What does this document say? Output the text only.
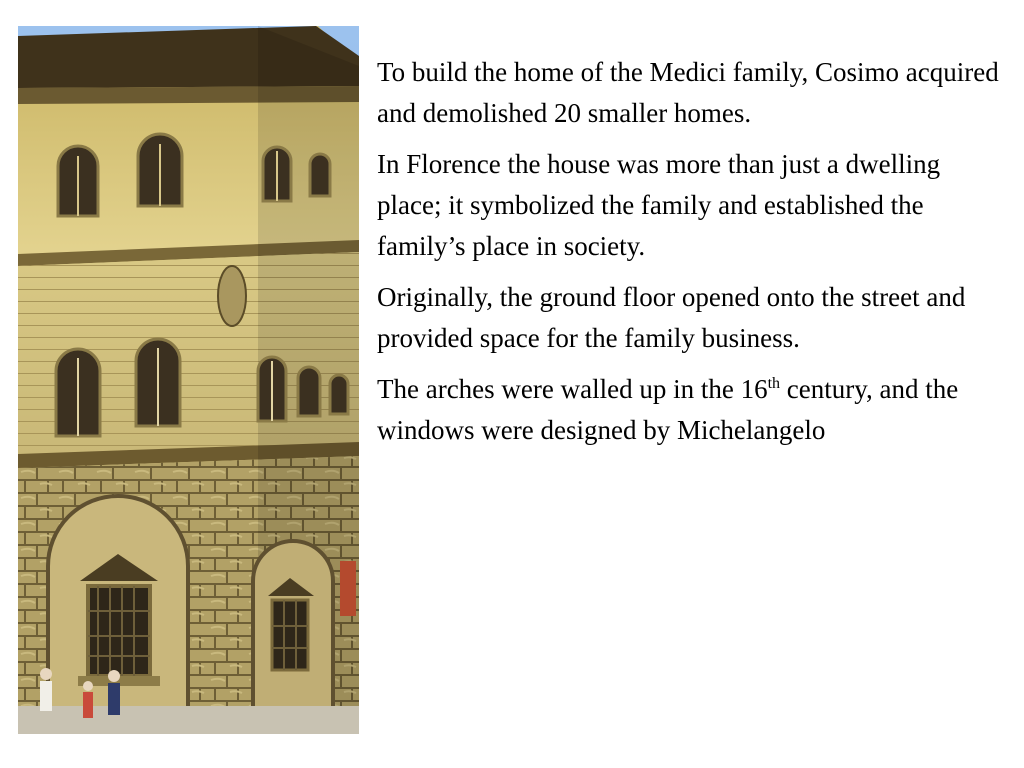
To build the home of the Medici family, Cosimo acquired and demolished 20 smaller homes.

In Florence the house was more than just a dwelling place; it symbolized the family and established the family’s place in society.

Originally, the ground floor opened onto the street and provided space for the family business.

The arches were walled up in the 16th century, and the windows were designed by Michelangelo
